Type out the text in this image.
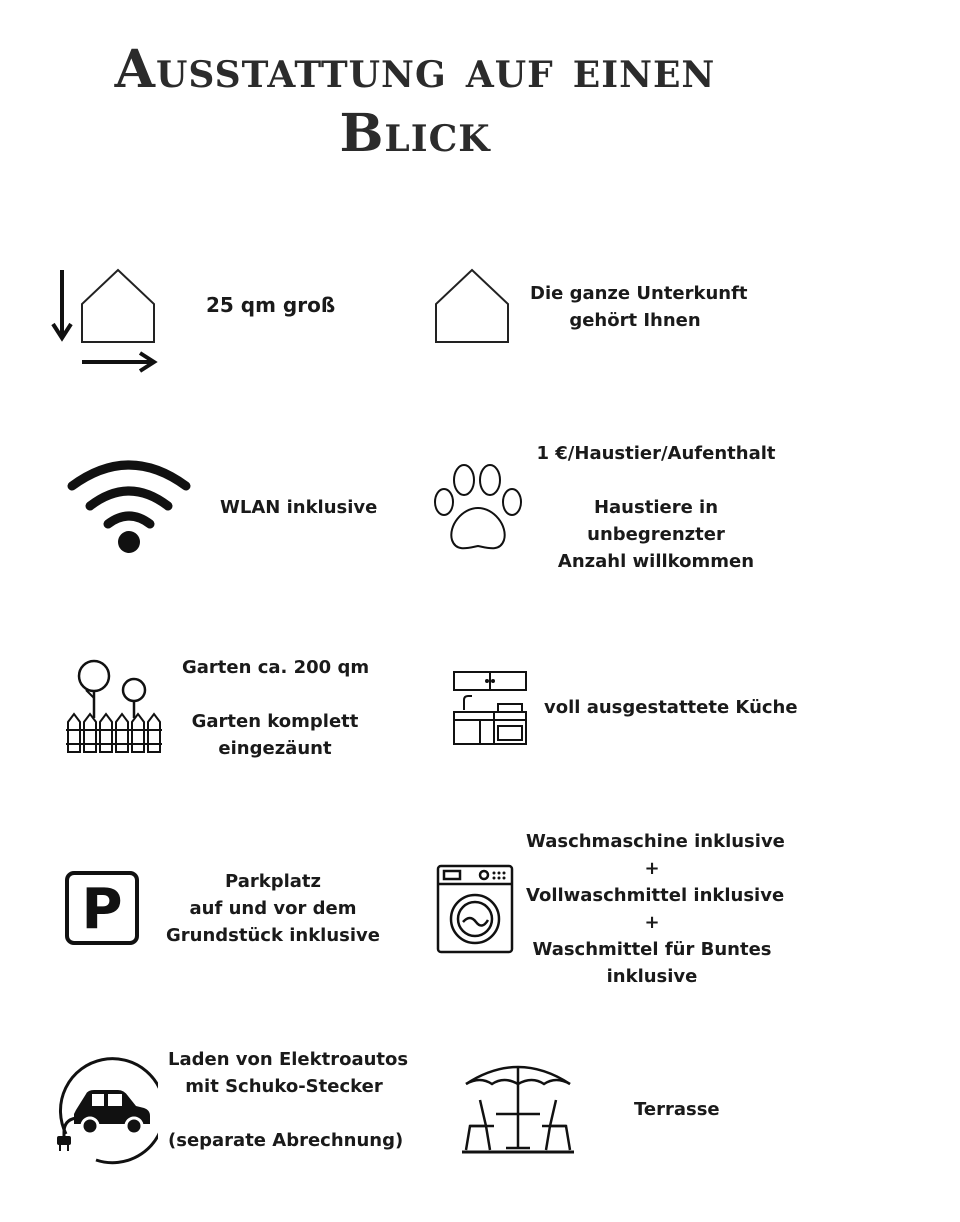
Ausstattung auf einen
Blick
25 qm groß	Die ganze Unterkunft
gehört Ihnen
WLAN inklusive
1 €/Haustier/Aufenthalt
Haustiere in
unbegrenzter
Anzahl willkommen
Garten ca. 200 qm
Garten komplett
eingezäunt
voll ausgestattete Küche
P	Parkplatz
auf und vor dem
Grundstück inklusive
Waschmaschine inklusive
+
Vollwaschmittel inklusive
+
Waschmittel für Buntes
inklusive
Laden von Elektroautos
mit Schuko-Stecker
(separate Abrechnung)
Terrasse
